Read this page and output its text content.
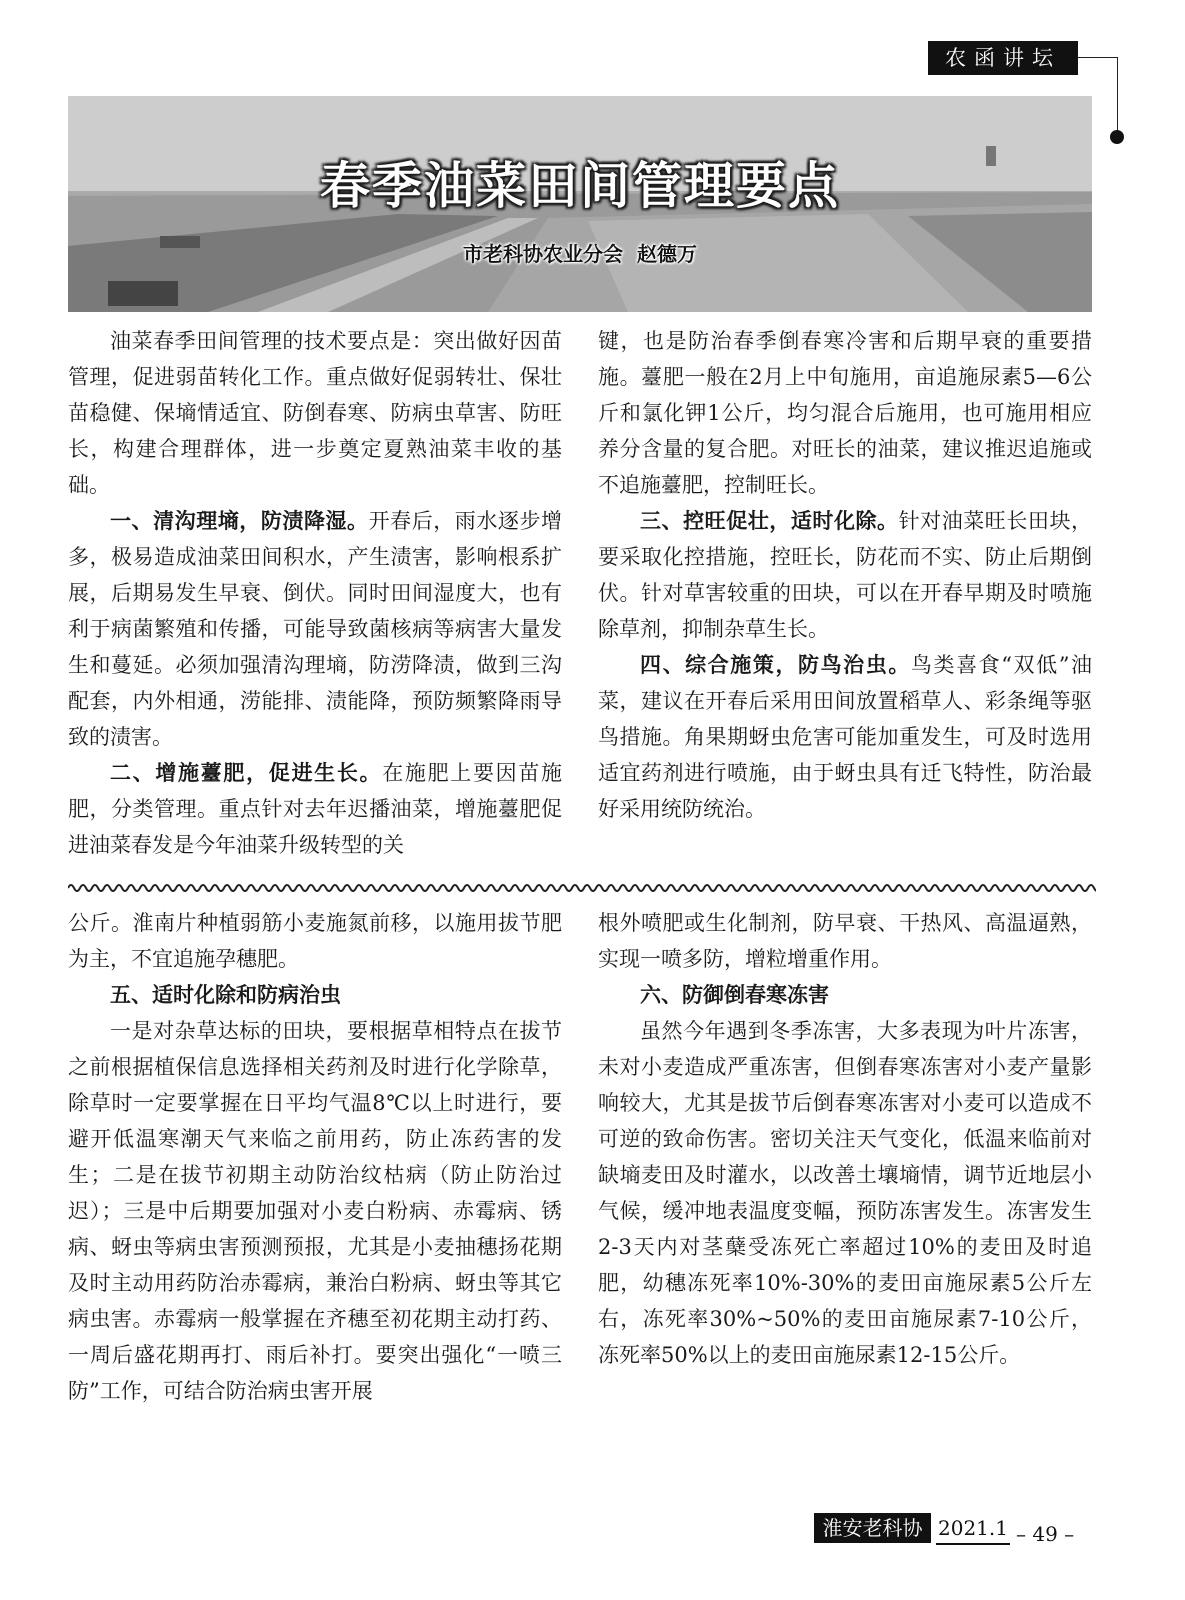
农函讲坛
春季油菜田间管理要点
市老科协农业分会 赵德万

油菜春季田间管理的技术要点是：突出做好因苗管理，促进弱苗转化工作。重点做好促弱转壮、保壮苗稳健、保墒情适宜、防倒春寒、防病虫草害、防旺长，构建合理群体，进一步奠定夏熟油菜丰收的基础。

一、清沟理墒，防渍降湿。开春后，雨水逐步增多，极易造成油菜田间积水，产生渍害，影响根系扩展，后期易发生早衰、倒伏。同时田间湿度大，也有利于病菌繁殖和传播，可能导致菌核病等病害大量发生和蔓延。必须加强清沟理墒，防涝降渍，做到三沟配套，内外相通，涝能排、渍能降，预防频繁降雨导致的渍害。

二、增施薹肥，促进生长。在施肥上要因苗施肥，分类管理。重点针对去年迟播油菜，增施薹肥促进油菜春发是今年油菜升级转型的关

键，也是防治春季倒春寒冷害和后期早衰的重要措施。薹肥一般在2月上中旬施用，亩追施尿素5—6公斤和氯化钾1公斤，均匀混合后施用，也可施用相应养分含量的复合肥。对旺长的油菜，建议推迟追施或不追施薹肥，控制旺长。

三、控旺促壮，适时化除。针对油菜旺长田块，要采取化控措施，控旺长，防花而不实、防止后期倒伏。针对草害较重的田块，可以在开春早期及时喷施除草剂，抑制杂草生长。

四、综合施策，防鸟治虫。鸟类喜食“双低”油菜，建议在开春后采用田间放置稻草人、彩条绳等驱鸟措施。角果期蚜虫危害可能加重发生，可及时选用适宜药剂进行喷施，由于蚜虫具有迁飞特性，防治最好采用统防统治。

公斤。淮南片种植弱筋小麦施氮前移，以施用拔节肥为主，不宜追施孕穗肥。

五、适时化除和防病治虫

一是对杂草达标的田块，要根据草相特点在拔节之前根据植保信息选择相关药剂及时进行化学除草，除草时一定要掌握在日平均气温8℃以上时进行，要避开低温寒潮天气来临之前用药，防止冻药害的发生；二是在拔节初期主动防治纹枯病（防止防治过迟）；三是中后期要加强对小麦白粉病、赤霉病、锈病、蚜虫等病虫害预测预报，尤其是小麦抽穗扬花期及时主动用药防治赤霉病，兼治白粉病、蚜虫等其它病虫害。赤霉病一般掌握在齐穗至初花期主动打药、一周后盛花期再打、雨后补打。要突出强化“一喷三防”工作，可结合防治病虫害开展

根外喷肥或生化制剂，防早衰、干热风、高温逼熟，实现一喷多防，增粒增重作用。

六、防御倒春寒冻害

虽然今年遇到冬季冻害，大多表现为叶片冻害，未对小麦造成严重冻害，但倒春寒冻害对小麦产量影响较大，尤其是拔节后倒春寒冻害对小麦可以造成不可逆的致命伤害。密切关注天气变化，低温来临前对缺墒麦田及时灌水，以改善土壤墒情，调节近地层小气候，缓冲地表温度变幅，预防冻害发生。冻害发生2-3天内对茎蘖受冻死亡率超过10%的麦田及时追肥，幼穗冻死率10%-30%的麦田亩施尿素5公斤左右，冻死率30%~50%的麦田亩施尿素7-10公斤，冻死率50%以上的麦田亩施尿素12-15公斤。

淮安老科协 2021.1 – 49 –
